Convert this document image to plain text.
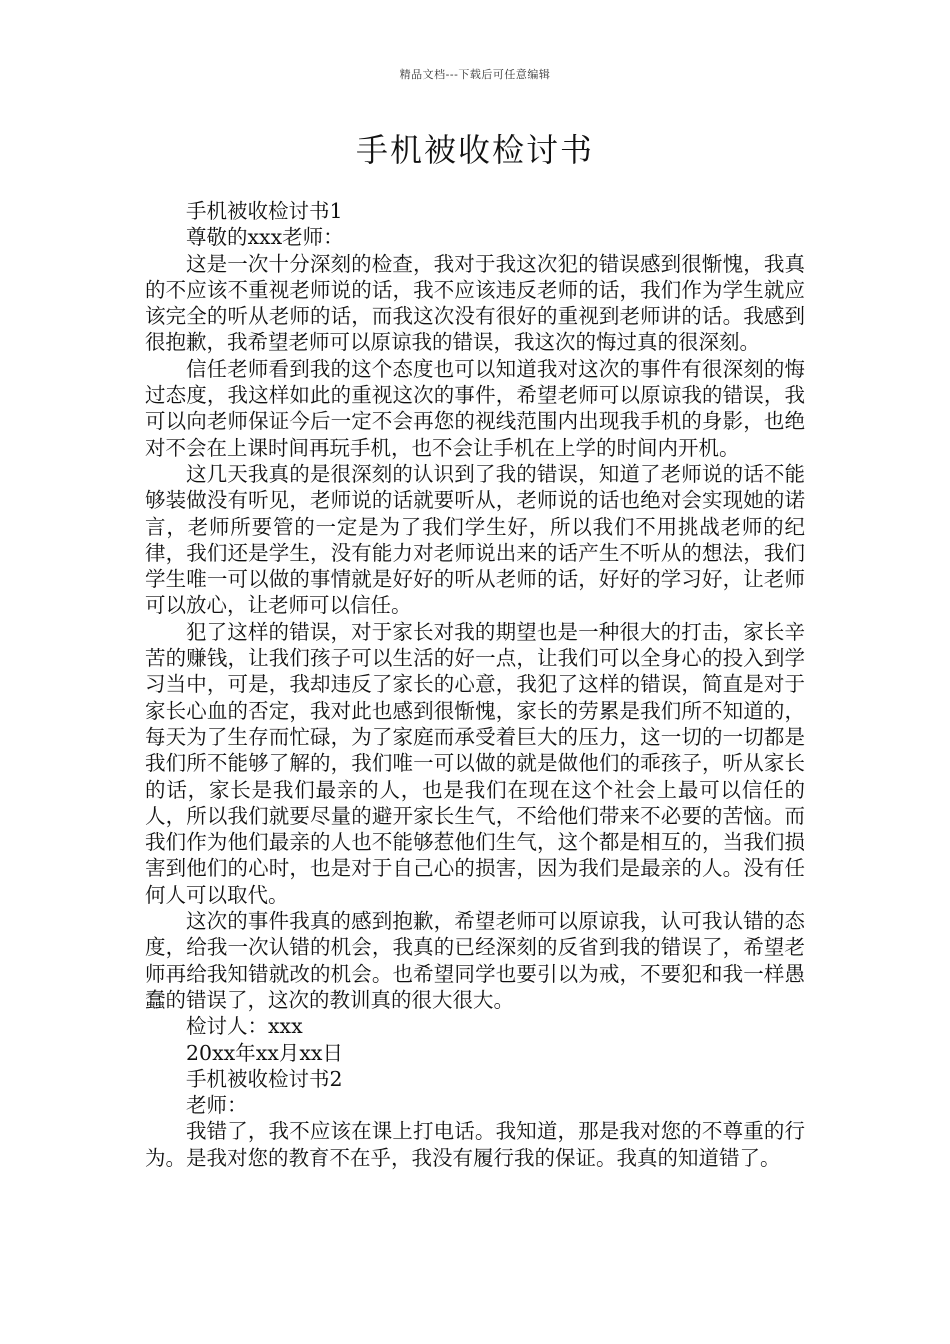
精品文档---下载后可任意编辑
手机被收检讨书

手机被收检讨书1

尊敬的xxx老师：

这是一次十分深刻的检查，我对于我这次犯的错误感到很惭愧，我真的不应该不重视老师说的话，我不应该违反老师的话，我们作为学生就应该完全的听从老师的话，而我这次没有很好的重视到老师讲的话。我感到很抱歉，我希望老师可以原谅我的错误，我这次的悔过真的很深刻。

信任老师看到我的这个态度也可以知道我对这次的事件有很深刻的悔过态度，我这样如此的重视这次的事件，希望老师可以原谅我的错误，我可以向老师保证今后一定不会再您的视线范围内出现我手机的身影，也绝对不会在上课时间再玩手机，也不会让手机在上学的时间内开机。

这几天我真的是很深刻的认识到了我的错误，知道了老师说的话不能够装做没有听见，老师说的话就要听从，老师说的话也绝对会实现她的诺言，老师所要管的一定是为了我们学生好，所以我们不用挑战老师的纪律，我们还是学生，没有能力对老师说出来的话产生不听从的想法，我们学生唯一可以做的事情就是好好的听从老师的话，好好的学习好，让老师可以放心，让老师可以信任。

犯了这样的错误，对于家长对我的期望也是一种很大的打击，家长辛苦的赚钱，让我们孩子可以生活的好一点，让我们可以全身心的投入到学习当中，可是，我却违反了家长的心意，我犯了这样的错误，简直是对于家长心血的否定，我对此也感到很惭愧，家长的劳累是我们所不知道的，每天为了生存而忙碌，为了家庭而承受着巨大的压力，这一切的一切都是我们所不能够了解的，我们唯一可以做的就是做他们的乖孩子，听从家长的话，家长是我们最亲的人，也是我们在现在这个社会上最可以信任的人，所以我们就要尽量的避开家长生气，不给他们带来不必要的苦恼。而我们作为他们最亲的人也不能够惹他们生气，这个都是相互的，当我们损害到他们的心时，也是对于自己心的损害，因为我们是最亲的人。没有任何人可以取代。

这次的事件我真的感到抱歉，希望老师可以原谅我，认可我认错的态度，给我一次认错的机会，我真的已经深刻的反省到我的错误了，希望老师再给我知错就改的机会。也希望同学也要引以为戒，不要犯和我一样愚蠢的错误了，这次的教训真的很大很大。

检讨人：xxx

20xx年xx月xx日

手机被收检讨书2

老师：

我错了，我不应该在课上打电话。我知道，那是我对您的不尊重的行为。是我对您的教育不在乎，我没有履行我的保证。我真的知道错了。
